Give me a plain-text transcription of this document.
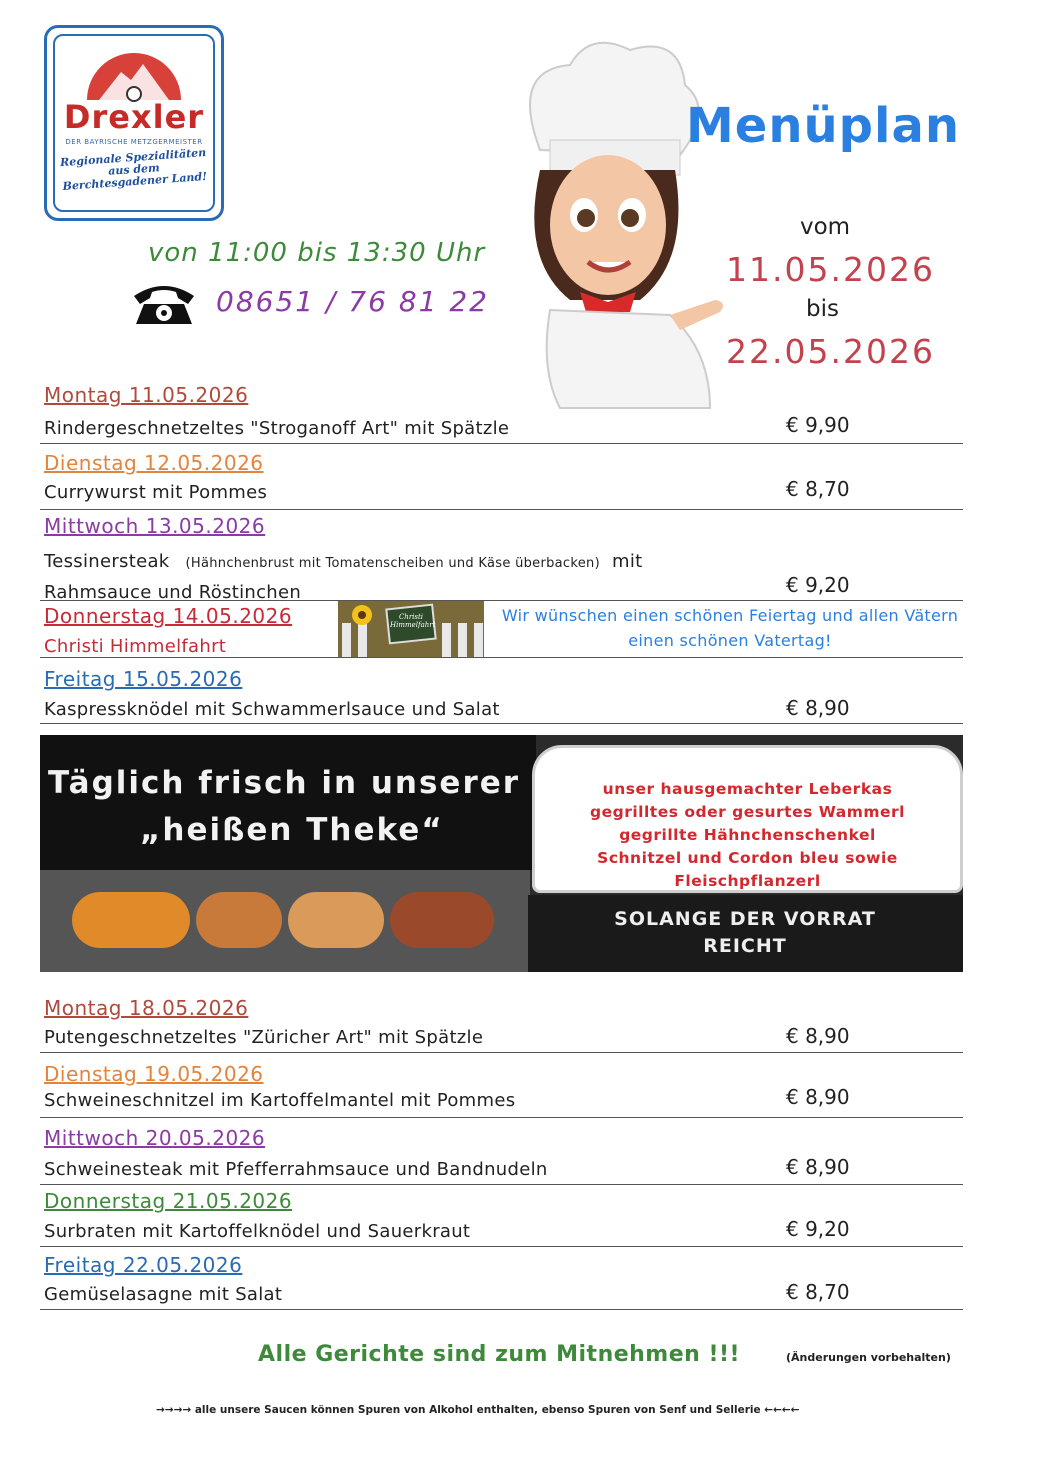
Drexler
DER BAYRISCHE METZGERMEISTER
Regionale Spezialitäten aus dem Berchtesgadener Land!
von 11:00 bis 13:30 Uhr
08651 / 76 81 22
Menüplan
vom
11.05.2026
bis
22.05.2026
Montag 11.05.2026
Rindergeschnetzeltes "Stroganoff Art" mit Spätzle	€ 9,90
Dienstag 12.05.2026
Currywurst mit Pommes	€ 8,70
Mittwoch 13.05.2026
Tessinersteak (Hähnchenbrust mit Tomatenscheiben und Käse überbacken) mit
Rahmsauce und Röstinchen	€ 9,20
Donnerstag 14.05.2026
Christi Himmelfahrt
Christi Himmelfahrt	Wir wünschen einen schönen Feiertag und allen Vätern einen schönen Vatertag!
Freitag 15.05.2026
Kaspressknödel mit Schwammerlsauce und Salat	€ 8,90
Täglich frisch in unserer
„heißen Theke“
unser hausgemachter Leberkas
gegrilltes oder gesurtes Wammerl
gegrillte Hähnchenschenkel
Schnitzel und Cordon bleu sowie
Fleischpflanzerl
SOLANGE DER VORRAT
REICHT
Montag 18.05.2026
Putengeschnetzeltes "Züricher Art" mit Spätzle	€ 8,90
Dienstag 19.05.2026
Schweineschnitzel im Kartoffelmantel mit Pommes	€ 8,90
Mittwoch 20.05.2026
Schweinesteak mit Pfefferrahmsauce und Bandnudeln	€ 8,90
Donnerstag 21.05.2026
Surbraten mit Kartoffelknödel und Sauerkraut	€ 9,20
Freitag 22.05.2026
Gemüselasagne mit Salat	€ 8,70
Alle Gerichte sind zum Mitnehmen !!!	(Änderungen vorbehalten)
→→→→ alle unsere Saucen können Spuren von Alkohol enthalten, ebenso Spuren von Senf und Sellerie ←←←←
